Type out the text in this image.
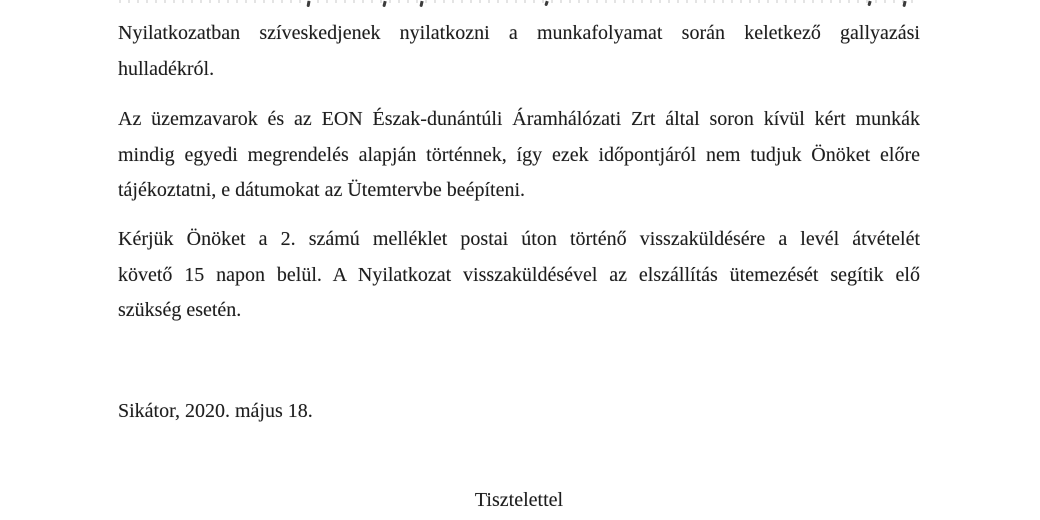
Nyilatkozatban szíveskedjenek nyilatkozni a munkafolyamat során keletkező gallyazási
hulladékról.

Az üzemzavarok és az EON Észak-dunántúli Áramhálózati Zrt által soron kívül kért munkák
mindig egyedi megrendelés alapján történnek, így ezek időpontjáról nem tudjuk Önöket előre
tájékoztatni, e dátumokat az Ütemtervbe beépíteni.

Kérjük Önöket a 2. számú melléklet postai úton történő visszaküldésére a levél átvételét
követő 15 napon belül. A Nyilatkozat visszaküldésével az elszállítás ütemezését segítik elő
szükség esetén.

Sikátor, 2020. május 18.

Tisztelettel
